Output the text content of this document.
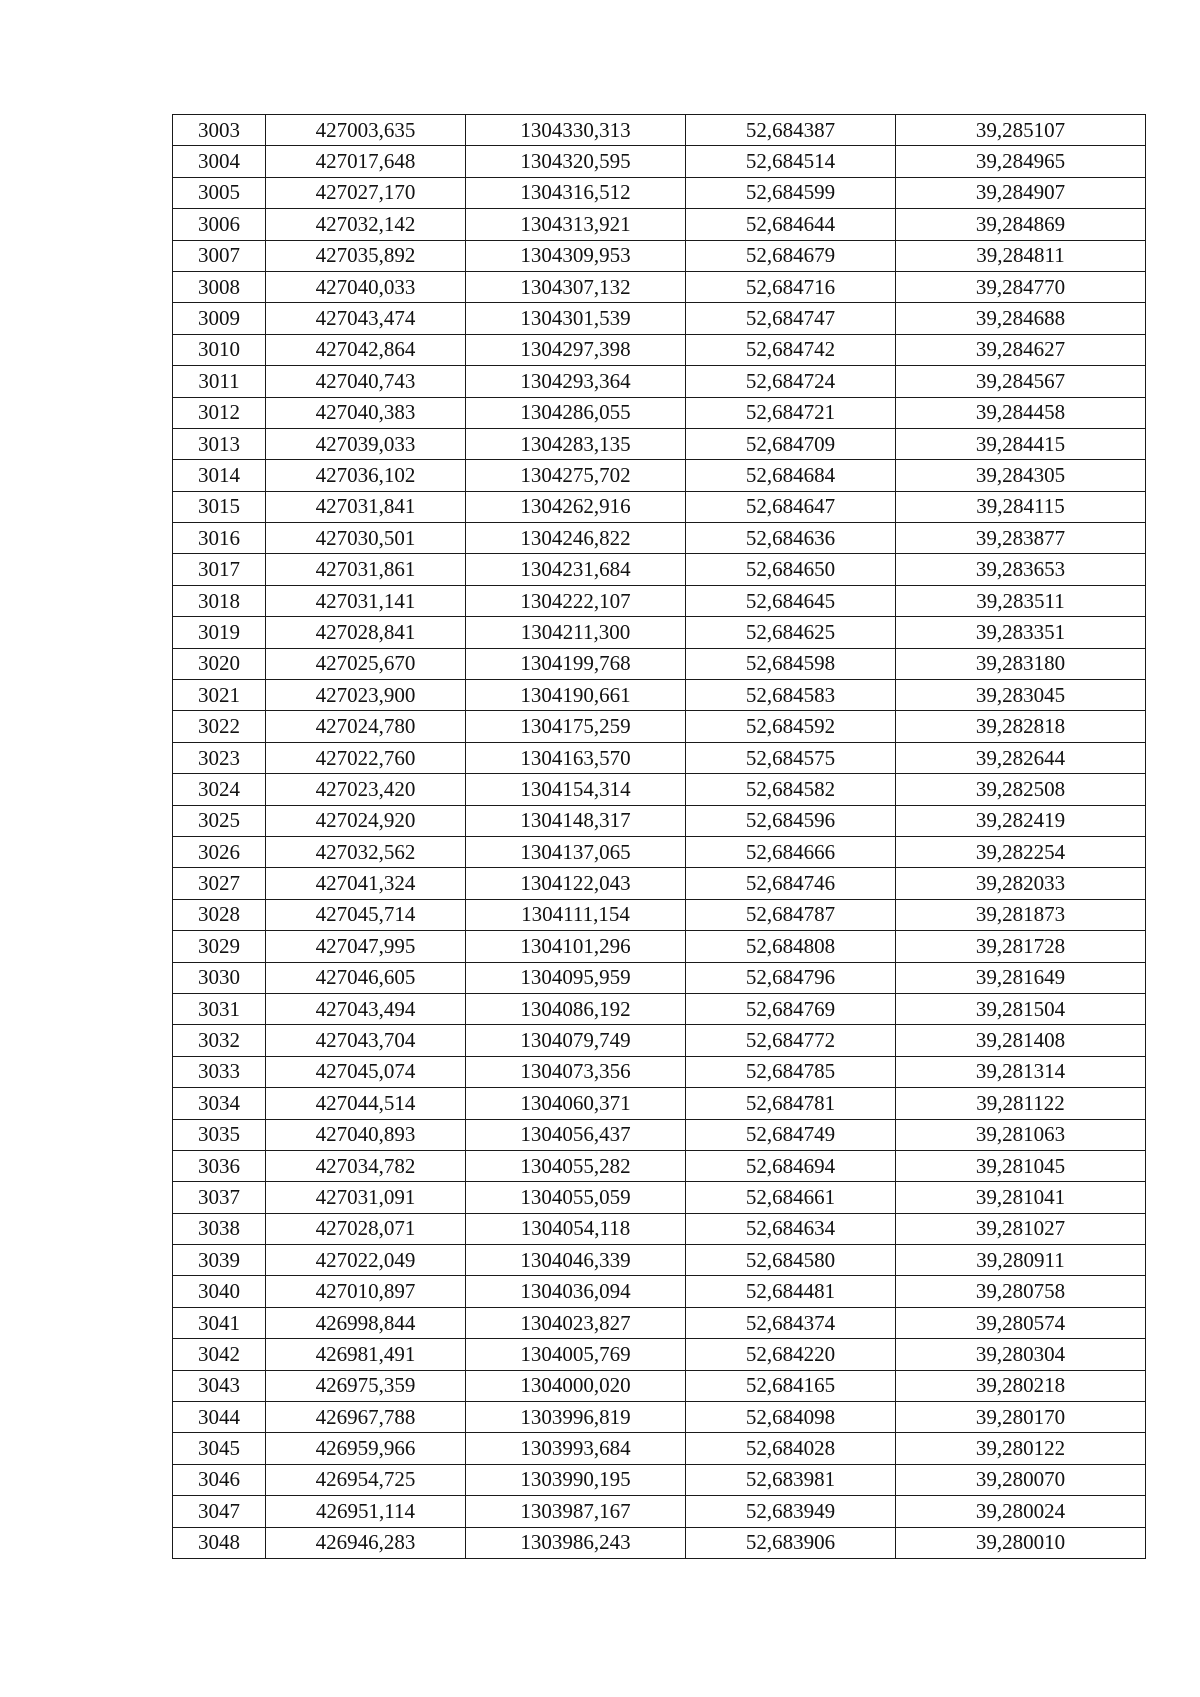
3003	427003,635	1304330,313	52,684387	39,285107
3004	427017,648	1304320,595	52,684514	39,284965
3005	427027,170	1304316,512	52,684599	39,284907
3006	427032,142	1304313,921	52,684644	39,284869
3007	427035,892	1304309,953	52,684679	39,284811
3008	427040,033	1304307,132	52,684716	39,284770
3009	427043,474	1304301,539	52,684747	39,284688
3010	427042,864	1304297,398	52,684742	39,284627
3011	427040,743	1304293,364	52,684724	39,284567
3012	427040,383	1304286,055	52,684721	39,284458
3013	427039,033	1304283,135	52,684709	39,284415
3014	427036,102	1304275,702	52,684684	39,284305
3015	427031,841	1304262,916	52,684647	39,284115
3016	427030,501	1304246,822	52,684636	39,283877
3017	427031,861	1304231,684	52,684650	39,283653
3018	427031,141	1304222,107	52,684645	39,283511
3019	427028,841	1304211,300	52,684625	39,283351
3020	427025,670	1304199,768	52,684598	39,283180
3021	427023,900	1304190,661	52,684583	39,283045
3022	427024,780	1304175,259	52,684592	39,282818
3023	427022,760	1304163,570	52,684575	39,282644
3024	427023,420	1304154,314	52,684582	39,282508
3025	427024,920	1304148,317	52,684596	39,282419
3026	427032,562	1304137,065	52,684666	39,282254
3027	427041,324	1304122,043	52,684746	39,282033
3028	427045,714	1304111,154	52,684787	39,281873
3029	427047,995	1304101,296	52,684808	39,281728
3030	427046,605	1304095,959	52,684796	39,281649
3031	427043,494	1304086,192	52,684769	39,281504
3032	427043,704	1304079,749	52,684772	39,281408
3033	427045,074	1304073,356	52,684785	39,281314
3034	427044,514	1304060,371	52,684781	39,281122
3035	427040,893	1304056,437	52,684749	39,281063
3036	427034,782	1304055,282	52,684694	39,281045
3037	427031,091	1304055,059	52,684661	39,281041
3038	427028,071	1304054,118	52,684634	39,281027
3039	427022,049	1304046,339	52,684580	39,280911
3040	427010,897	1304036,094	52,684481	39,280758
3041	426998,844	1304023,827	52,684374	39,280574
3042	426981,491	1304005,769	52,684220	39,280304
3043	426975,359	1304000,020	52,684165	39,280218
3044	426967,788	1303996,819	52,684098	39,280170
3045	426959,966	1303993,684	52,684028	39,280122
3046	426954,725	1303990,195	52,683981	39,280070
3047	426951,114	1303987,167	52,683949	39,280024
3048	426946,283	1303986,243	52,683906	39,280010
